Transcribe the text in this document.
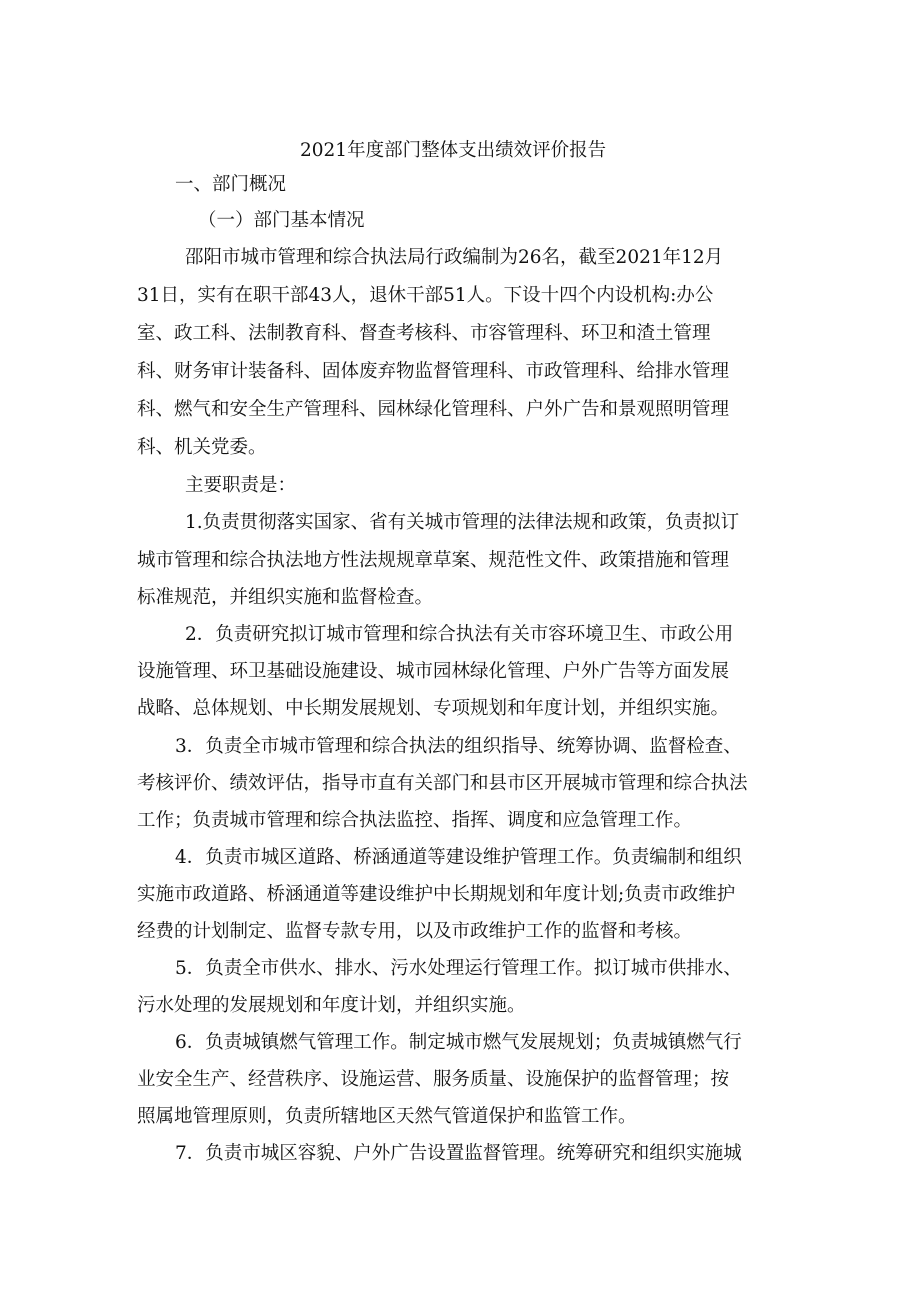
2021年度部门整体支出绩效评价报告
一、部门概况
（一）部门基本情况
邵阳市城市管理和综合执法局行政编制为26名，截至2021年12月
31日，实有在职干部43人，退休干部51人。下设十四个内设机构:办公
室、政工科、法制教育科、督查考核科、市容管理科、环卫和渣土管理
科、财务审计装备科、固体废弃物监督管理科、市政管理科、给排水管理
科、燃气和安全生产管理科、园林绿化管理科、户外广告和景观照明管理
科、机关党委。
主要职责是：
1.负责贯彻落实国家、省有关城市管理的法律法规和政策，负责拟订
城市管理和综合执法地方性法规规章草案、规范性文件、政策措施和管理
标准规范，并组织实施和监督检查。
2．负责研究拟订城市管理和综合执法有关市容环境卫生、市政公用
设施管理、环卫基础设施建设、城市园林绿化管理、户外广告等方面发展
战略、总体规划、中长期发展规划、专项规划和年度计划，并组织实施。
3．负责全市城市管理和综合执法的组织指导、统筹协调、监督检查、
考核评价、绩效评估，指导市直有关部门和县市区开展城市管理和综合执法
工作；负责城市管理和综合执法监控、指挥、调度和应急管理工作。
4．负责市城区道路、桥涵通道等建设维护管理工作。负责编制和组织
实施市政道路、桥涵通道等建设维护中长期规划和年度计划;负责市政维护
经费的计划制定、监督专款专用，以及市政维护工作的监督和考核。
5．负责全市供水、排水、污水处理运行管理工作。拟订城市供排水、
污水处理的发展规划和年度计划，并组织实施。
6．负责城镇燃气管理工作。制定城市燃气发展规划；负责城镇燃气行
业安全生产、经营秩序、设施运营、服务质量、设施保护的监督管理；按
照属地管理原则，负责所辖地区天然气管道保护和监管工作。
7．负责市城区容貌、户外广告设置监督管理。统筹研究和组织实施城
